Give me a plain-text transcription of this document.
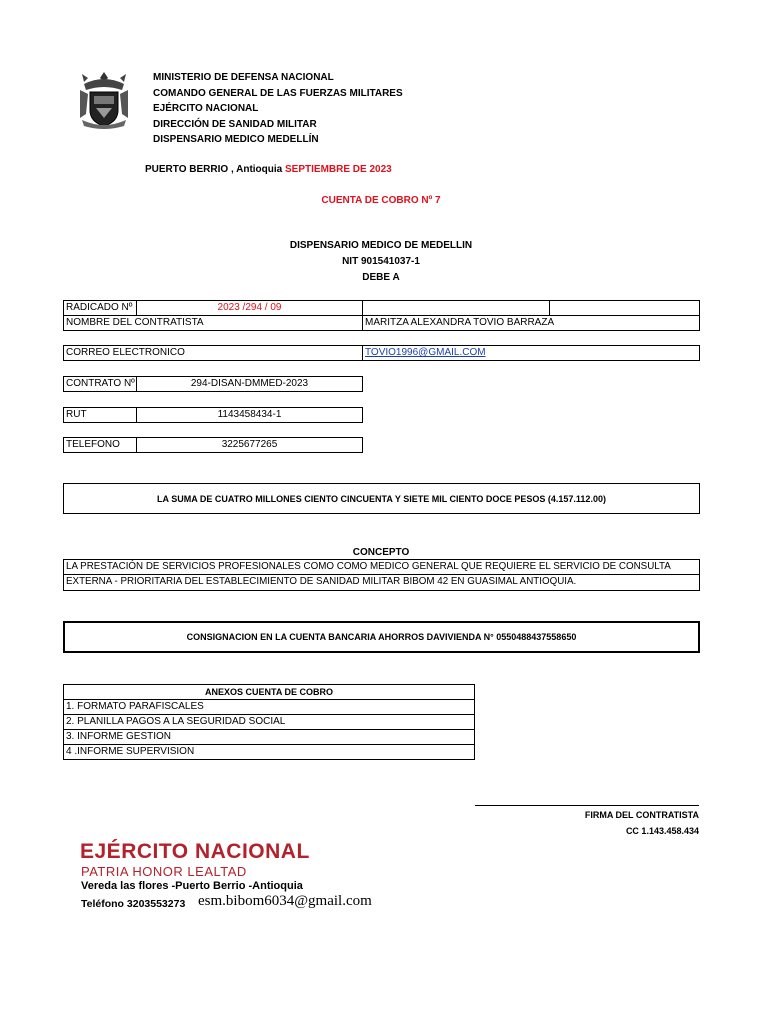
MINISTERIO DE DEFENSA NACIONAL
COMANDO GENERAL DE LAS FUERZAS MILITARES
EJÉRCITO NACIONAL
DIRECCIÓN DE SANIDAD MILITAR
DISPENSARIO MEDICO MEDELLÍN
PUERTO BERRIO , Antioquia SEPTIEMBRE DE 2023
CUENTA DE COBRO Nº 7
DISPENSARIO MEDICO DE MEDELLIN
NIT 901541037-1
DEBE A
RADICADO Nº	2023 /294 / 09
NOMBRE DEL CONTRATISTA	MARITZA ALEXANDRA TOVIO BARRAZA
CORREO ELECTRONICO	TOVIO1996@GMAIL.COM
CONTRATO Nº	294-DISAN-DMMED-2023
RUT	1143458434-1
TELEFONO	3225677265
LA SUMA DE CUATRO MILLONES CIENTO CINCUENTA Y SIETE MIL CIENTO DOCE PESOS (4.157.112.00)
CONCEPTO
LA PRESTACIÓN DE SERVICIOS PROFESIONALES COMO COMO MEDICO GENERAL QUE REQUIERE EL SERVICIO DE CONSULTA
EXTERNA - PRIORITARIA DEL ESTABLECIMIENTO DE SANIDAD MILITAR BIBOM 42 EN GUASIMAL ANTIOQUIA.
CONSIGNACION EN LA CUENTA BANCARIA AHORROS DAVIVIENDA N° 0550488437558650
ANEXOS CUENTA DE COBRO
1. FORMATO PARAFISCALES
2. PLANILLA PAGOS A LA SEGURIDAD SOCIAL
3. INFORME GESTION
4 .INFORME SUPERVISION
FIRMA DEL CONTRATISTA
CC 1.143.458.434
EJÉRCITO NACIONAL
PATRIA HONOR LEALTAD
Vereda las flores -Puerto Berrio -Antioquia
Teléfono 3203553273 esm.bibom6034@gmail.com
